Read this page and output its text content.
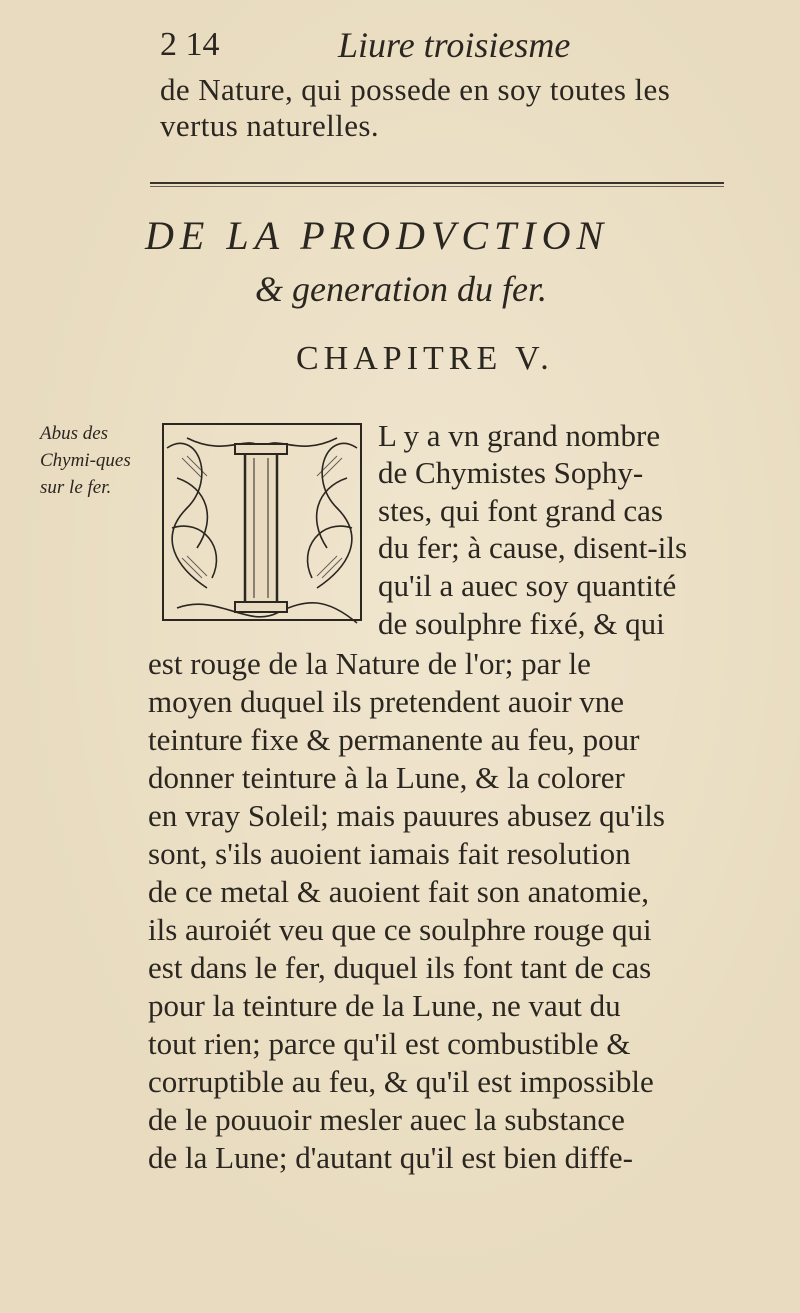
2 14	Liure troisiesme
de Nature, qui possede en soy toutes les
vertus naturelles.
DE LA PRODVCTION
& generation du fer.
CHAPITRE V.
Abus des Chymi-ques sur le fer.
L y a vn grand nombre
de Chymistes Sophy-
stes, qui font grand cas
du fer; à cause, disent-ils
qu'il a auec soy quantité
de soulphre fixé, & qui
est rouge de la Nature de l'or; par le
moyen duquel ils pretendent auoir vne
teinture fixe & permanente au feu, pour
donner teinture à la Lune, & la colorer
en vray Soleil; mais pauures abusez qu'ils
sont, s'ils auoient iamais fait resolution
de ce metal & auoient fait son anatomie,
ils auroiét veu que ce soulphre rouge qui
est dans le fer, duquel ils font tant de cas
pour la teinture de la Lune, ne vaut du
tout rien; parce qu'il est combustible &
corruptible au feu, & qu'il est impossible
de le pouuoir mesler auec la substance
de la Lune; d'autant qu'il est bien diffe-
